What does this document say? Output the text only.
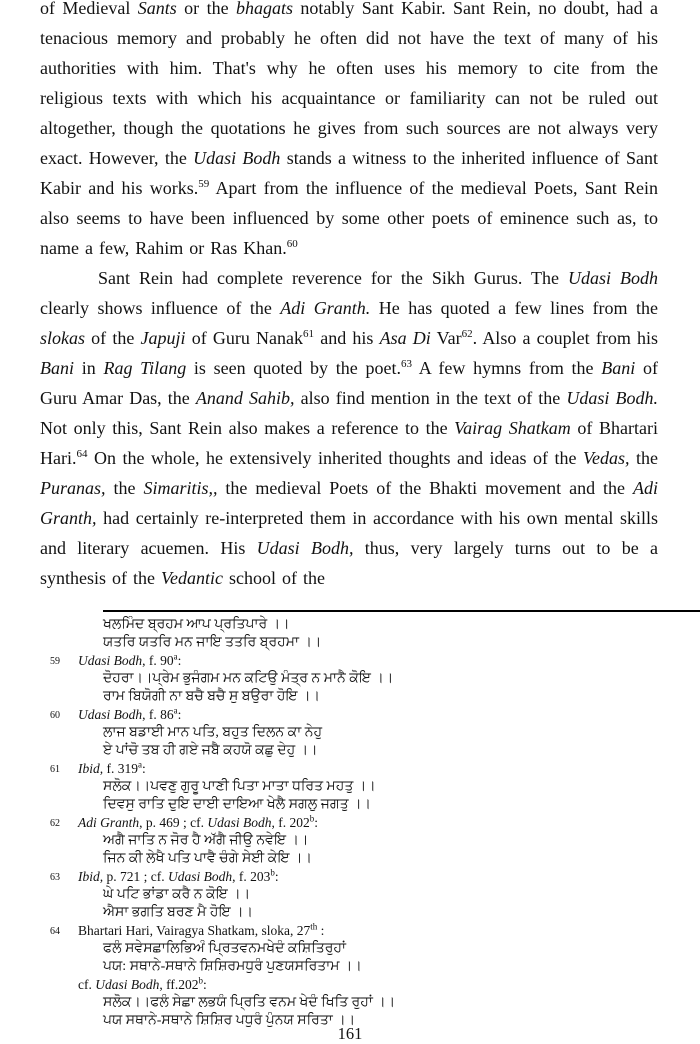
of Medieval Sants or the bhagats notably Sant Kabir. Sant Rein, no doubt, had a tenacious memory and probably he often did not have the text of many of his authorities with him. That's why he often uses his memory to cite from the religious texts with which his acquaintance or familiarity can not be ruled out altogether, though the quotations he gives from such sources are not always very exact. However, the Udasi Bodh stands a witness to the inherited influence of Sant Kabir and his works.$^{59}$ Apart from the influence of the medieval Poets, Sant Rein also seems to have been influenced by some other poets of eminence such as, to name a few, Rahim or Ras Khan.$^{60}$

Sant Rein had complete reverence for the Sikh Gurus. The Udasi Bodh clearly shows influence of the Adi Granth. He has quoted a few lines from the slokas of the Japuji of Guru Nanak$^{61}$ and his Asa Di Var$^{62}$. Also a couplet from his Bani in Rag Tilang is seen quoted by the poet.$^{63}$ A few hymns from the Bani of Guru Amar Das, the Anand Sahib, also find mention in the text of the Udasi Bodh. Not only this, Sant Rein also makes a reference to the Vairag Shatkam of Bhartari Hari.$^{64}$ On the whole, he extensively inherited thoughts and ideas of the Vedas, the Puranas, the Simaritis,, the medieval Poets of the Bhakti movement and the Adi Granth, had certainly re-interpreted them in accordance with his own mental skills and literary acuemen. His Udasi Bodh, thus, very largely turns out to be a synthesis of the Vedantic school of the

ਖਲਮਿੰਦ ਬ੍ਰਹਮ ਆਪ ਪ੍ਰਤਿਪਾਰੇ ।।
ਯਤਰਿ ਯਤਰਿ ਮਨ ਜਾਇ ਤਤਰਿ ਬ੍ਰਹਮਾ ।।
59	Udasi Bodh, f. 90$^a$:
ਦੋਹਰਾ।।ਪ੍ਰੇਮ ਭੁਜੰਗਮ ਮਨ ਕਟਿਉ ਮੰਤ੍ਰ ਨ ਮਾਨੈ ਕੋਇ ।।
ਰਾਮ ਬਿਯੋਗੀ ਨਾ ਬਚੈ ਬਚੈ ਸੁ ਬਉਰਾ ਹੋਇ ।।
60	Udasi Bodh, f. 86$^a$:
ਲਾਜ ਬਡਾਈ ਮਾਨ ਪਤਿ, ਬਹੁਤ ਦਿਲਨ ਕਾ ਨੇਹੁ
ਏ ਪਾਂਚੋ ਤਬ ਹੀ ਗਏ ਜਬੈ ਕਹਯੋ ਕਛੁ ਦੇਹੁ ।।
61	Ibid, f. 319$^a$:
ਸਲੋਕ।।ਪਵਣੁ ਗੁਰੂ ਪਾਣੀ ਪਿਤਾ ਮਾਤਾ ਧਰਿਤ ਮਹਤੁ ।।
ਦਿਵਸੁ ਰਾਤਿ ਦੁਇ ਦਾਈ ਦਾਇਆ ਖੇਲੈ ਸਗਲੁ ਜਗਤੁ ।।
62	Adi Granth, p. 469 ; cf. Udasi Bodh, f. 202$^b$:
ਅਗੈ ਜਾਤਿ ਨ ਜੋਰ ਹੈ ਅੱਗੈ ਜੀਉ ਨਵੇਇ ।।
ਜਿਨ ਕੀ ਲੇਖੈ ਪਤਿ ਪਾਵੈ ਚੰਗੇ ਸੇਈ ਕੇਇ ।।
63	Ibid, p. 721 ; cf. Udasi Bodh, f. 203$^b$:
ਘੇ ਪਟਿ ਭਾਂਡਾ ਕਰੈ ਨ ਕੋਇ ।।
ਐਸਾ ਭਗਤਿ ਬਰਣ ਮੈ ਹੋਇ ।।
64	Bhartari Hari, Vairagya Shatkam, sloka, 27th :
ਫਲੰ ਸਵੇਸਛਾਲਿਭਿਅੰ ਪ੍ਰਿਤਵਨਮਖੇਦੰ ਕਸ਼ਿਤਿਰੁਹਾਂ
ਪਯ: ਸਥਾਨੇ-ਸਥਾਨੇ ਸ਼ਿਸ਼ਿਰਮਧੁਰੰ ਪੁਣਯਸਰਿਤਾਮ ।।
cf. Udasi Bodh, ff.202$^b$:
ਸਲੋਕ।।ਫਲੰ ਸੇਛਾ ਲਭਯੰ ਪ੍ਰਿਤਿ ਵਨਮ ਖੇਦੰ ਖਿਤਿ ਰੁਹਾਂ ।।
ਪਯ ਸਥਾਨੇ-ਸਥਾਨੇ ਸ਼ਿਸ਼ਿਰ ਪਧੁਰੰ ਪੁੰਨਯ ਸਰਿਤਾ ।।
161
